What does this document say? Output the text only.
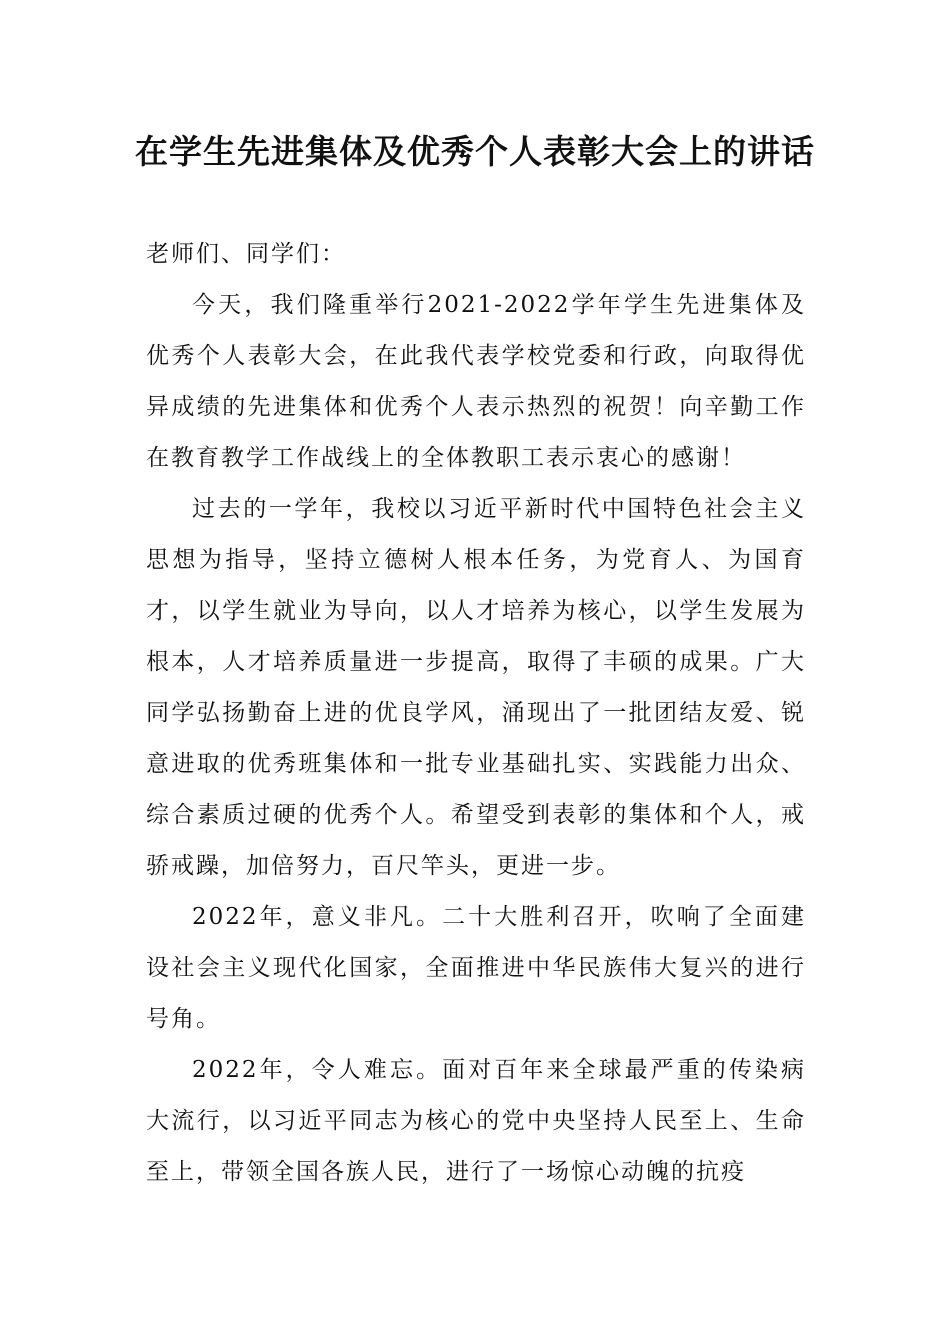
在学生先进集体及优秀个人表彰大会上的讲话

老师们、同学们：

今天，我们隆重举行2021-2022学年学生先进集体及优秀个人表彰大会，在此我代表学校党委和行政，向取得优异成绩的先进集体和优秀个人表示热烈的祝贺！向辛勤工作在教育教学工作战线上的全体教职工表示衷心的感谢！

过去的一学年，我校以习近平新时代中国特色社会主义思想为指导，坚持立德树人根本任务，为党育人、为国育才，以学生就业为导向，以人才培养为核心，以学生发展为根本，人才培养质量进一步提高，取得了丰硕的成果。广大同学弘扬勤奋上进的优良学风，涌现出了一批团结友爱、锐意进取的优秀班集体和一批专业基础扎实、实践能力出众、综合素质过硬的优秀个人。希望受到表彰的集体和个人，戒骄戒躁，加倍努力，百尺竿头，更进一步。

2022年，意义非凡。二十大胜利召开，吹响了全面建设社会主义现代化国家，全面推进中华民族伟大复兴的进行号角。

2022年，令人难忘。面对百年来全球最严重的传染病大流行，以习近平同志为核心的党中央坚持人民至上、生命至上，带领全国各族人民，进行了一场惊心动魄的抗疫
